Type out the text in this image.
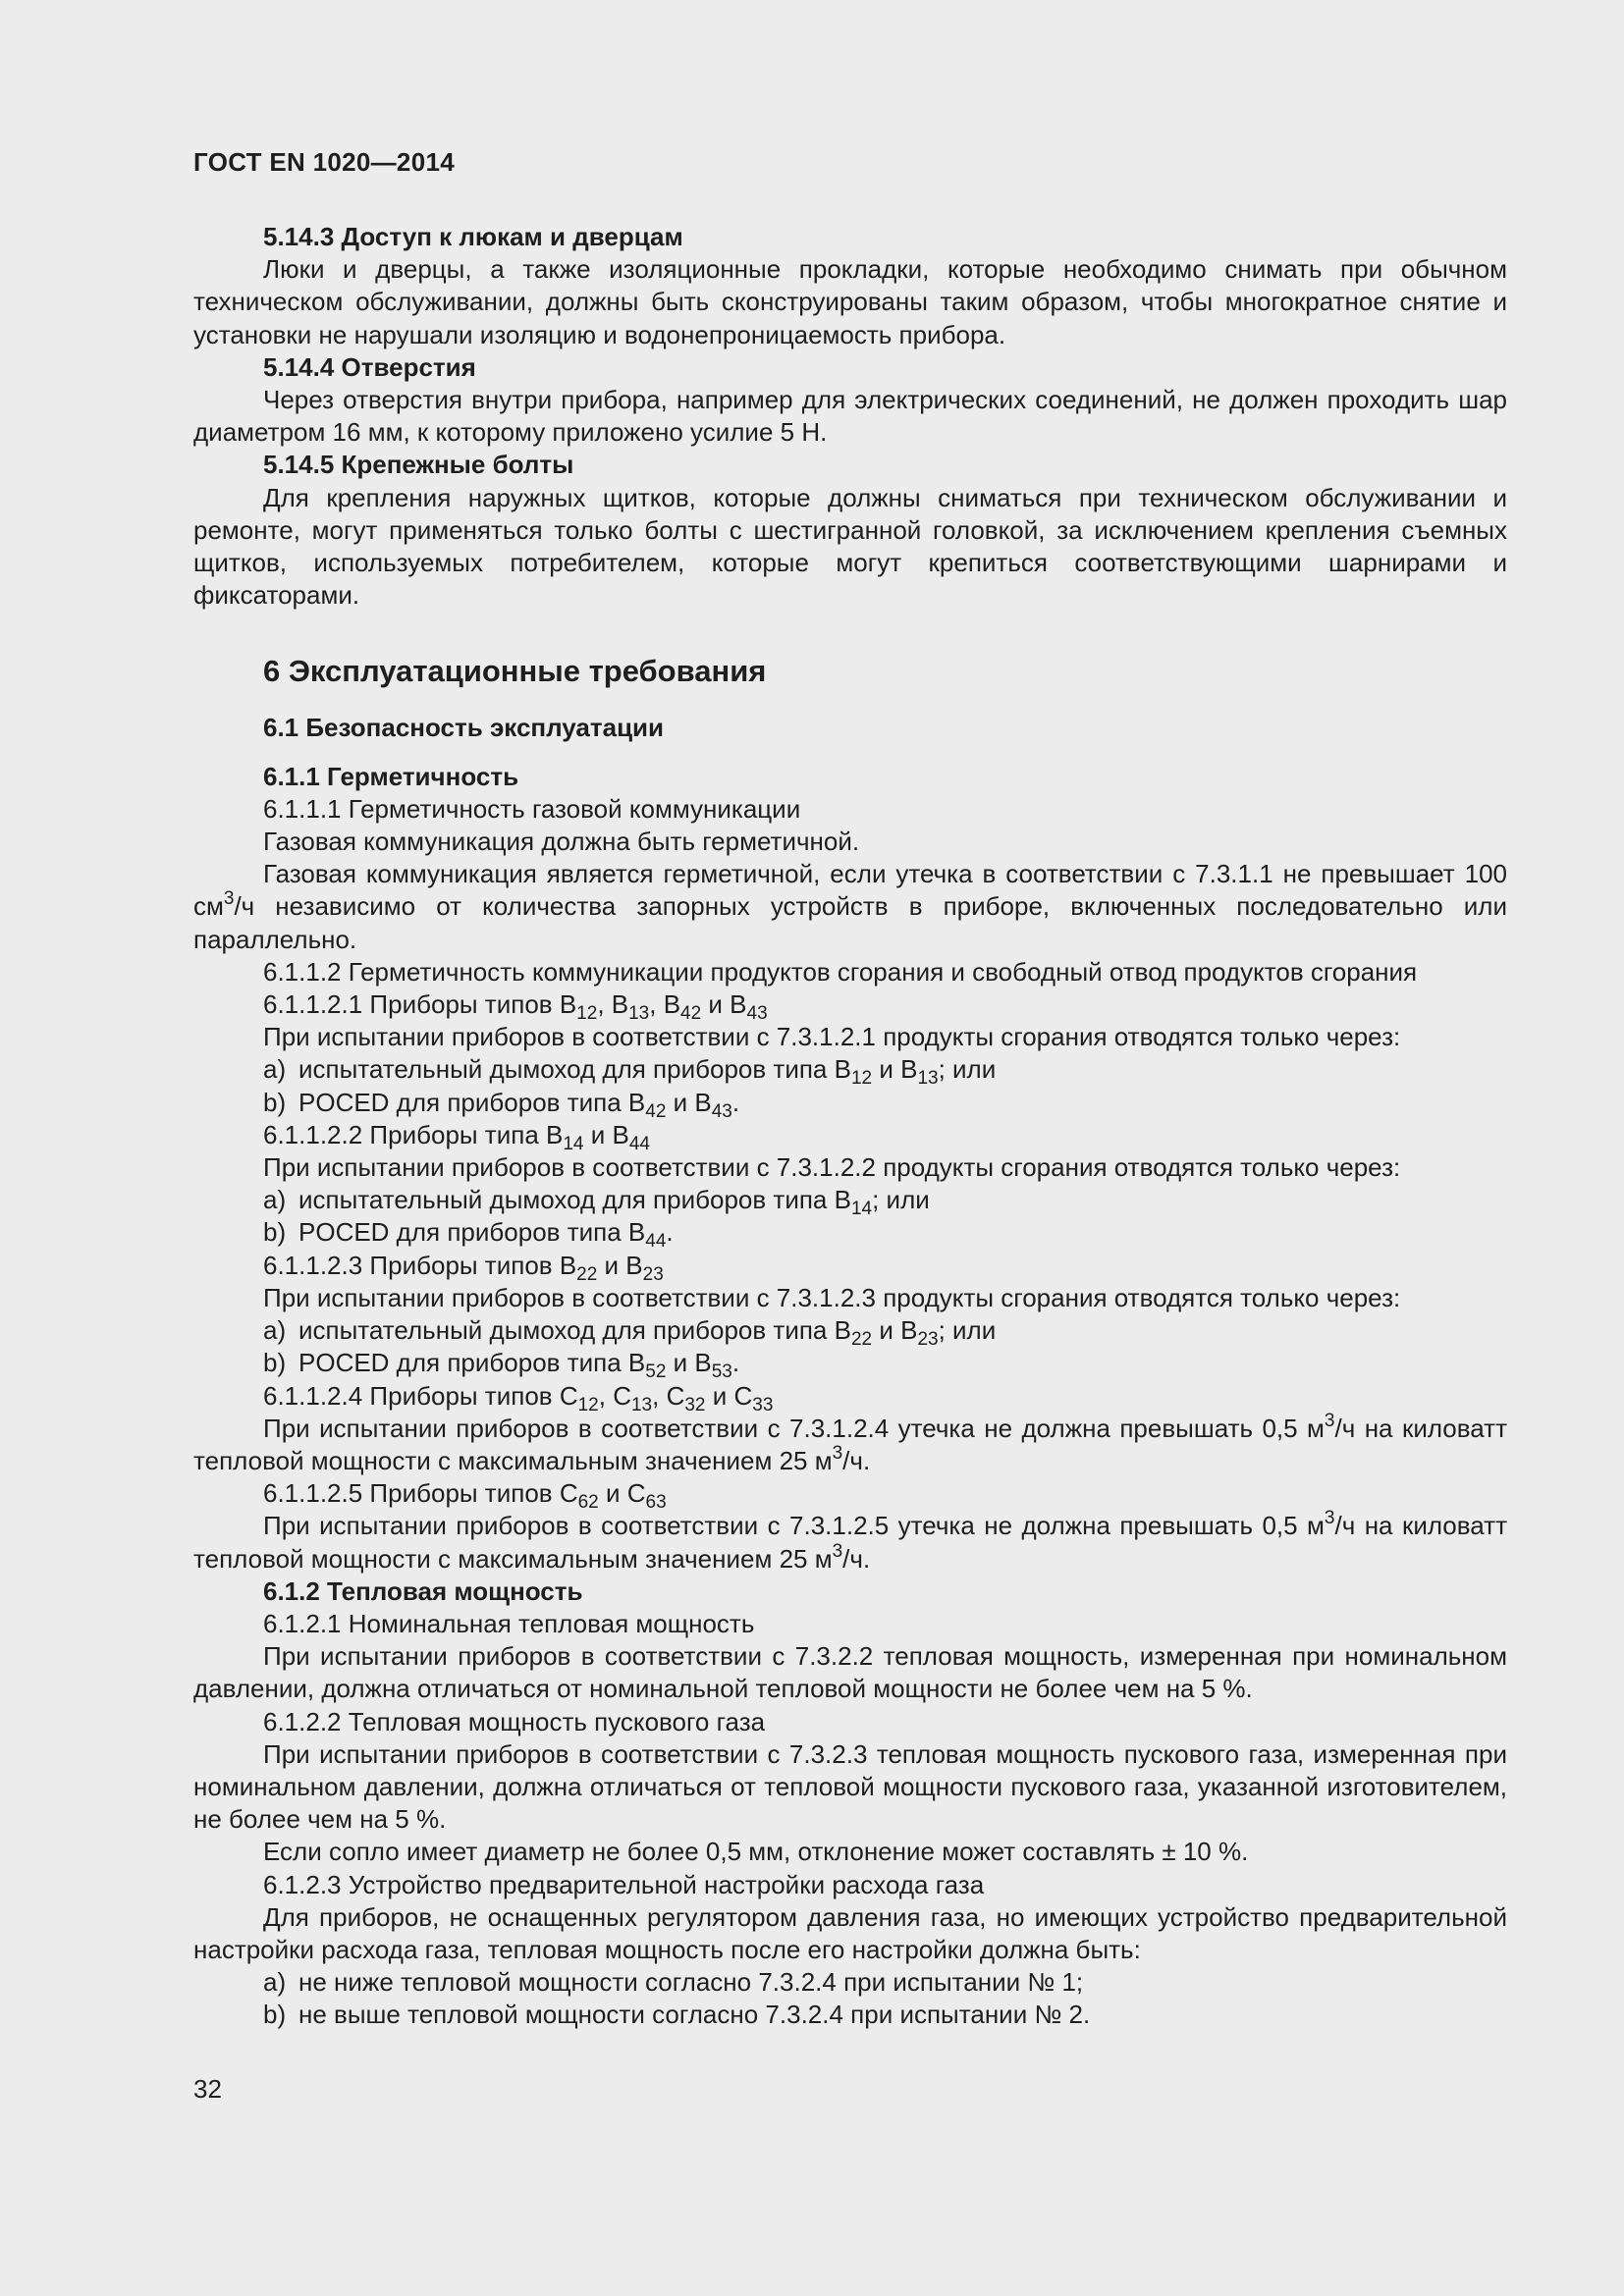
ГОСТ EN 1020—2014

5.14.3 Доступ к люкам и дверцам

Люки и дверцы, а также изоляционные прокладки, которые необходимо снимать при обычном техническом обслуживании, должны быть сконструированы таким образом, чтобы многократное снятие и установки не нарушали изоляцию и водонепроницаемость прибора.

5.14.4 Отверстия

Через отверстия внутри прибора, например для электрических соединений, не должен проходить шар диаметром 16 мм, к которому приложено усилие 5 Н.

5.14.5 Крепежные болты

Для крепления наружных щитков, которые должны сниматься при техническом обслуживании и ремонте, могут применяться только болты с шестигранной головкой, за исключением крепления съемных щитков, используемых потребителем, которые могут крепиться соответствующими шарнирами и фиксаторами.

6 Эксплуатационные требования

6.1 Безопасность эксплуатации

6.1.1 Герметичность

6.1.1.1 Герметичность газовой коммуникации

Газовая коммуникация должна быть герметичной.

Газовая коммуникация является герметичной, если утечка в соответствии с 7.3.1.1 не превышает 100 $см^3/ч$ независимо от количества запорных устройств в приборе, включенных последовательно или параллельно.

6.1.1.2 Герметичность коммуникации продуктов сгорания и свободный отвод продуктов сгорания

6.1.1.2.1 Приборы типов $B_{12}$, $B_{13}$, $B_{42}$ и $B_{43}$

При испытании приборов в соответствии с 7.3.1.2.1 продукты сгорания отводятся только через:

a) испытательный дымоход для приборов типа $B_{12}$ и $B_{13}$; или

b) POCED для приборов типа $B_{42}$ и $B_{43}$.

6.1.1.2.2 Приборы типа $B_{14}$ и $B_{44}$

При испытании приборов в соответствии с 7.3.1.2.2 продукты сгорания отводятся только через:

a) испытательный дымоход для приборов типа $B_{14}$; или

b) POCED для приборов типа $B_{44}$.

6.1.1.2.3 Приборы типов $B_{22}$ и $B_{23}$

При испытании приборов в соответствии с 7.3.1.2.3 продукты сгорания отводятся только через:

a) испытательный дымоход для приборов типа $B_{22}$ и $B_{23}$; или

b) POCED для приборов типа $B_{52}$ и $B_{53}$.

6.1.1.2.4 Приборы типов $C_{12}$, $C_{13}$, $C_{32}$ и $C_{33}$

При испытании приборов в соответствии с 7.3.1.2.4 утечка не должна превышать 0,5 $м^3/ч$ на киловатт тепловой мощности с максимальным значением 25 $м^3/ч$.

6.1.1.2.5 Приборы типов $C_{62}$ и $C_{63}$

При испытании приборов в соответствии с 7.3.1.2.5 утечка не должна превышать 0,5 $м^3/ч$ на киловатт тепловой мощности с максимальным значением 25 $м^3/ч$.

6.1.2 Тепловая мощность

6.1.2.1 Номинальная тепловая мощность

При испытании приборов в соответствии с 7.3.2.2 тепловая мощность, измеренная при номинальном давлении, должна отличаться от номинальной тепловой мощности не более чем на 5 %.

6.1.2.2 Тепловая мощность пускового газа

При испытании приборов в соответствии с 7.3.2.3 тепловая мощность пускового газа, измеренная при номинальном давлении, должна отличаться от тепловой мощности пускового газа, указанной изготовителем, не более чем на 5 %.

Если сопло имеет диаметр не более 0,5 мм, отклонение может составлять ± 10 %.

6.1.2.3 Устройство предварительной настройки расхода газа

Для приборов, не оснащенных регулятором давления газа, но имеющих устройство предварительной настройки расхода газа, тепловая мощность после его настройки должна быть:

a) не ниже тепловой мощности согласно 7.3.2.4 при испытании № 1;

b) не выше тепловой мощности согласно 7.3.2.4 при испытании № 2.

32
